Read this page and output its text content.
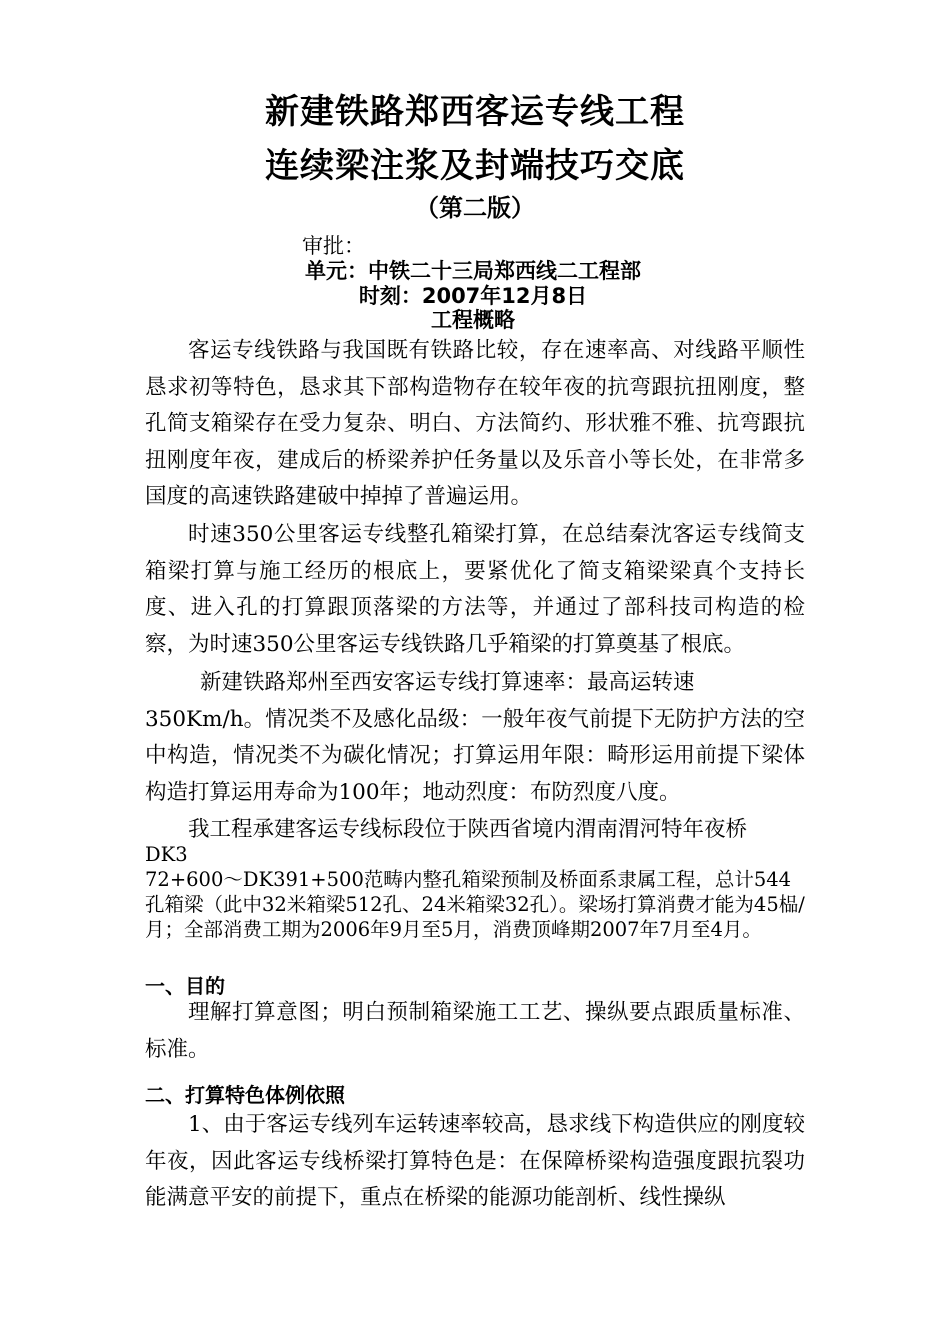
新建铁路郑西客运专线工程
连续梁注浆及封端技巧交底
（第二版）
审批：
单元：中铁二十三局郑西线二工程部
时刻：2007年12月8日
工程概略

客运专线铁路与我国既有铁路比较，存在速率高、对线路平顺性恳求初等特色，恳求其下部构造物存在较年夜的抗弯跟抗扭刚度，整孔简支箱梁存在受力复杂、明白、方法简约、形状雅不雅、抗弯跟抗扭刚度年夜，建成后的桥梁养护任务量以及乐音小等长处，在非常多国度的高速铁路建破中掉掉了普遍运用。

时速350公里客运专线整孔箱梁打算，在总结秦沈客运专线简支箱梁打算与施工经历的根底上，要紧优化了简支箱梁梁真个支持长度、进入孔的打算跟顶落梁的方法等，并通过了部科技司构造的检察，为时速350公里客运专线铁路几乎箱梁的打算奠基了根底。

新建铁路郑州至西安客运专线打算速率：最高运转速
350Km/h。情况类不及感化品级：一般年夜气前提下无防护方法的空中构造，情况类不为碳化情况；打算运用年限：畸形运用前提下梁体构造打算运用寿命为100年；地动烈度：布防烈度八度。

我工程承建客运专线标段位于陕西省境内渭南渭河特年夜桥

DK3
72+600～DK391+500范畴内整孔箱梁预制及桥面系隶属工程，总计544孔箱梁（此中32米箱梁512孔、24米箱梁32孔）。梁场打算消费才能为45榀/月；全部消费工期为2006年9月至5月，消费顶峰期2007年7月至4月。

一、目的

理解打算意图；明白预制箱梁施工工艺、操纵要点跟质量标准、标准。

二、打算特色体例依照

1、由于客运专线列车运转速率较高，恳求线下构造供应的刚度较年夜，因此客运专线桥梁打算特色是：在保障桥梁构造强度跟抗裂功能满意平安的前提下，重点在桥梁的能源功能剖析、线性操纵
